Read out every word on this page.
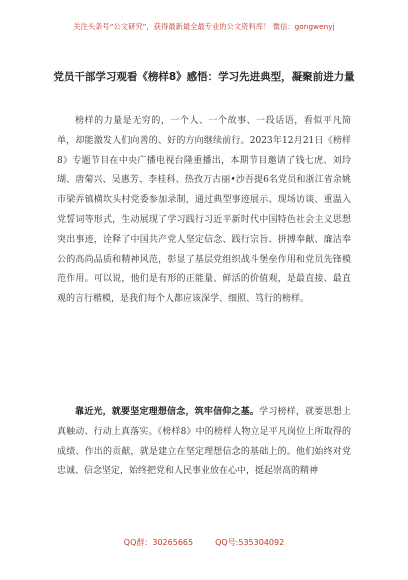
关注头条号“公文研究”，获得最新最全最专业的公文资料库！ 微信：gongwenyj
党员干部学习观看《榜样8》感悟：学习先进典型，凝聚前进力量
榜样的力量是无穷的，一个人、一个故事、一段话语，看似平凡简单，却能激发人们向善的、好的方向继续前行。2023年12月21日《榜样8》专题节目在中央广播电视台隆重播出，本期节目邀请了钱七虎、刘玲瑚、唐菊兴、吴惠芳、李桂科、热孜万古丽•沙吾提6名党员和浙江省余姚市梁弄镇横坎头村党委参加录制，通过典型事迹展示、现场访谈、重温入党誓词等形式，生动展现了学习践行习近平新时代中国特色社会主义思想突出事迹，诠释了中国共产党人坚定信念、践行宗旨、拼搏奉献、廉洁奉公的高尚品质和精神风范，彰显了基层党组织战斗堡垒作用和党员先锋模范作用。可以说，他们是有形的正能量、鲜活的价值观，是最直接、最直观的言行楷模，是我们每个人都应该深学、细照、笃行的榜样。
靠近光，就要坚定理想信念，筑牢信仰之基。学习榜样，就要思想上真触动、行动上真落实。《榜样8》中的榜样人物立足平凡岗位上所取得的成绩、作出的贡献，就是建立在坚定理想信念的基础上的。他们始终对党忠诚、信念坚定，始终把党和人民事业放在心中，挺起崇高的精神
QQ群：30265665	QQ号:535304092
